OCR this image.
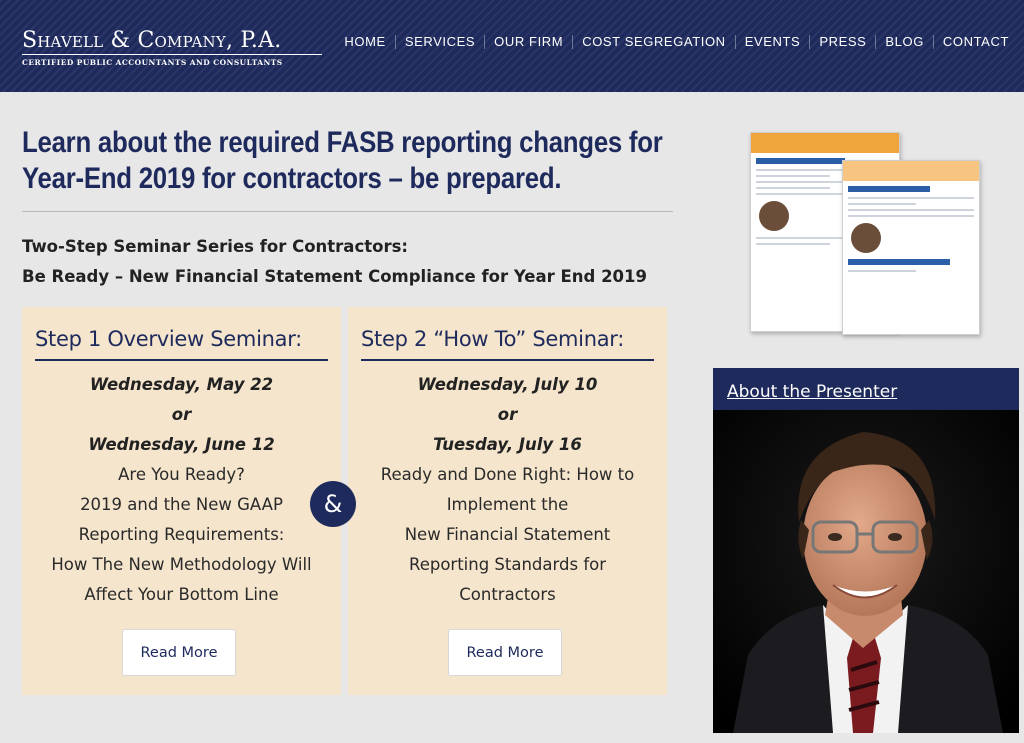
Shavell & Company, P.A.
CERTIFIED PUBLIC ACCOUNTANTS AND CONSULTANTS
HOME	SERVICES	OUR FIRM	COST SEGREGATION	EVENTS	PRESS	BLOG	CONTACT
Learn about the required FASB reporting changes for Year-End 2019 for contractors – be prepared.
Two-Step Seminar Series for Contractors:
Be Ready – New Financial Statement Compliance for Year End 2019
Step 1 Overview Seminar:
Wednesday, May 22
or
Wednesday, June 12
Are You Ready?
2019 and the New GAAP
Reporting Requirements:
How The New Methodology Will
Affect Your Bottom Line
Read More
Step 2 “How To” Seminar:
Wednesday, July 10
or
Tuesday, July 16
Ready and Done Right: How to
Implement the
New Financial Statement
Reporting Standards for
Contractors
Read More
&
About the Presenter
